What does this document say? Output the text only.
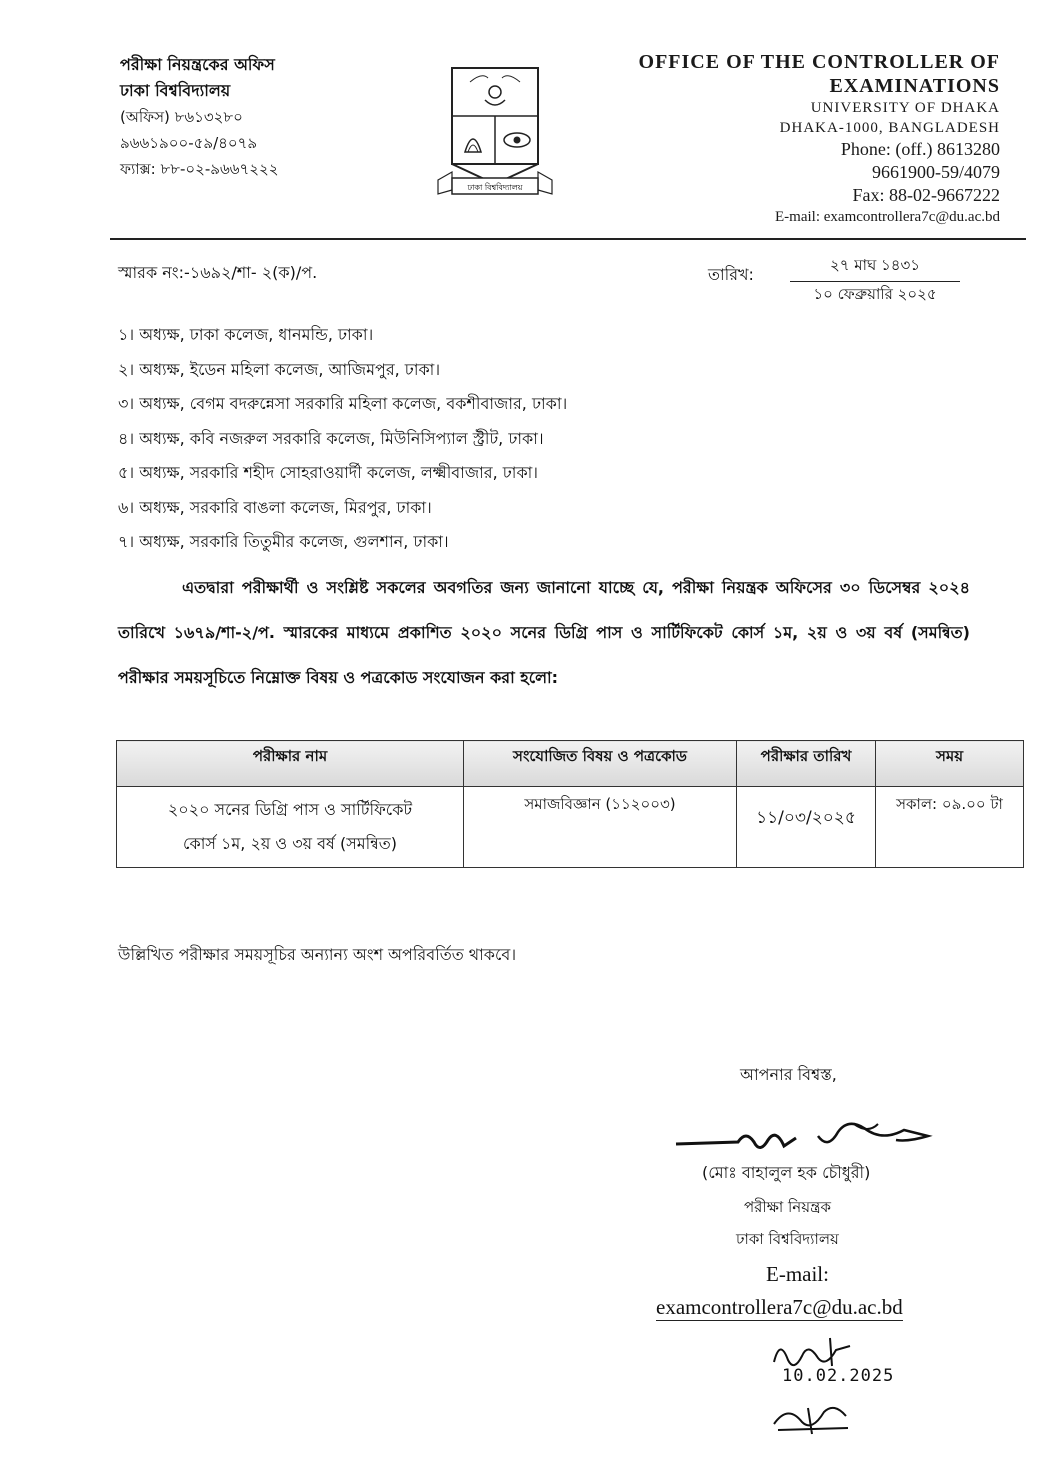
পরীক্ষা নিয়ন্ত্রকের অফিস
ঢাকা বিশ্ববিদ্যালয়
(অফিস) ৮৬১৩২৮০
৯৬৬১৯০০-৫৯/৪০৭৯
ফ্যাক্স: ৮৮-০২-৯৬৬৭২২২
ঢাকা বিশ্ববিদ্যালয়
OFFICE OF THE CONTROLLER OF
EXAMINATIONS
UNIVERSITY OF DHAKA
DHAKA-1000, BANGLADESH
Phone: (off.) 8613280
9661900-59/4079
Fax: 88-02-9667222
E-mail: examcontrollera7c@du.ac.bd
স্মারক নং:-১৬৯২/শা- ২(ক)/প.	তারিখ:	২৭ মাঘ ১৪৩১
১০ ফেব্রুয়ারি ২০২৫
১। অধ্যক্ষ, ঢাকা কলেজ, ধানমন্ডি, ঢাকা।
২। অধ্যক্ষ, ইডেন মহিলা কলেজ, আজিমপুর, ঢাকা।
৩। অধ্যক্ষ, বেগম বদরুন্নেসা সরকারি মহিলা কলেজ, বকশীবাজার, ঢাকা।
৪। অধ্যক্ষ, কবি নজরুল সরকারি কলেজ, মিউনিসিপ্যাল স্ট্রীট, ঢাকা।
৫। অধ্যক্ষ, সরকারি শহীদ সোহরাওয়ার্দী কলেজ, লক্ষ্মীবাজার, ঢাকা।
৬। অধ্যক্ষ, সরকারি বাঙলা কলেজ, মিরপুর, ঢাকা।
৭। অধ্যক্ষ, সরকারি তিতুমীর কলেজ, গুলশান, ঢাকা।
এতদ্বারা পরীক্ষার্থী ও সংশ্লিষ্ট সকলের অবগতির জন্য জানানো যাচ্ছে যে, পরীক্ষা নিয়ন্ত্রক অফিসের ৩০ ডিসেম্বর ২০২৪ তারিখে ১৬৭৯/শা-২/প. স্মারকের মাধ্যমে প্রকাশিত ২০২০ সনের ডিগ্রি পাস ও সার্টিফিকেট কোর্স ১ম, ২য় ও ৩য় বর্ষ (সমন্বিত) পরীক্ষার সময়সূচিতে নিম্নোক্ত বিষয় ও পত্রকোড সংযোজন করা হলো:
পরীক্ষার নাম	সংযোজিত বিষয় ও পত্রকোড	পরীক্ষার তারিখ	সময়

২০২০ সনের ডিগ্রি পাস ও সার্টিফিকেট
কোর্স ১ম, ২য় ও ৩য় বর্ষ (সমন্বিত)	সমাজবিজ্ঞান (১১২০০৩)	১১/০৩/২০২৫	সকাল: ০৯.০০ টা
উল্লিখিত পরীক্ষার সময়সূচির অন্যান্য অংশ অপরিবর্তিত থাকবে।
আপনার বিশ্বস্ত,
(মোঃ বাহালুল হক চৌধুরী)
পরীক্ষা নিয়ন্ত্রক
ঢাকা বিশ্ববিদ্যালয়
E-mail:
examcontrollera7c@du.ac.bd
10.02.2025
